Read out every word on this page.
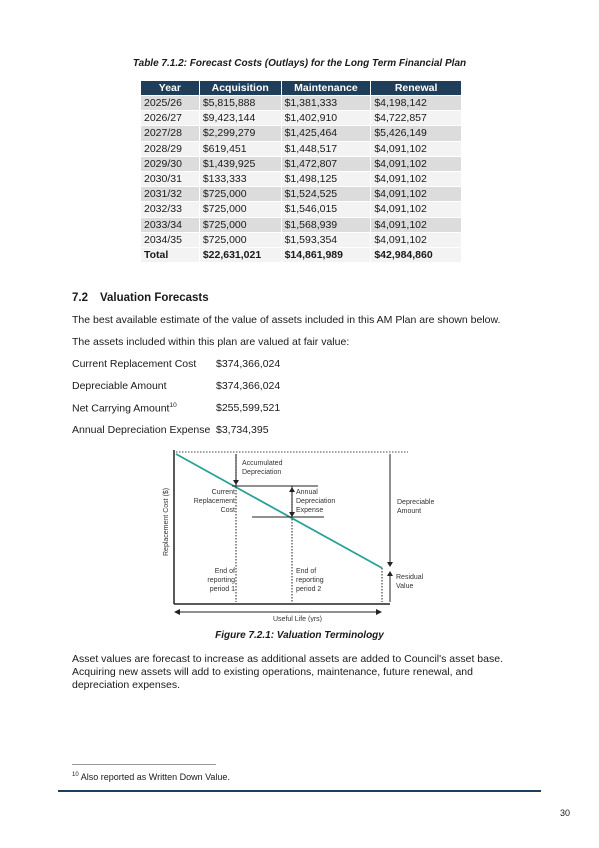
Table 7.1.2: Forecast Costs (Outlays) for the Long Term Financial Plan
Year	Acquisition	Maintenance	Renewal
2025/26	$5,815,888	$1,381,333	$4,198,142
2026/27	$9,423,144	$1,402,910	$4,722,857
2027/28	$2,299,279	$1,425,464	$5,426,149
2028/29	$619,451	$1,448,517	$4,091,102
2029/30	$1,439,925	$1,472,807	$4,091,102
2030/31	$133,333	$1,498,125	$4,091,102
2031/32	$725,000	$1,524,525	$4,091,102
2032/33	$725,000	$1,546,015	$4,091,102
2033/34	$725,000	$1,568,939	$4,091,102
2034/35	$725,000	$1,593,354	$4,091,102
Total	$22,631,021	$14,861,989	$42,984,860
7.2 Valuation Forecasts

The best available estimate of the value of assets included in this AM Plan are shown below.

The assets included within this plan are valued at fair value:

Current Replacement Cost $374,366,024
Depreciable Amount	$374,366,024
Net Carrying Amount$^{10}$	$255,599,521
Annual Depreciation Expense $3,734,395
Replacement Cost ($)
Accumulated
Depreciation
Current
Replacement
Cost
Annual
Depreciation
Expense
Depreciable
Amount
End of
reporting
period 1
End of
reporting
period 2
Residual
Value
Useful Life (yrs)
Figure 7.2.1: Valuation Terminology

Asset values are forecast to increase as additional assets are added to Council's asset base. Acquiring new assets will add to existing operations, maintenance, future renewal, and depreciation expenses.

$^{10}$ Also reported as Written Down Value.
30
